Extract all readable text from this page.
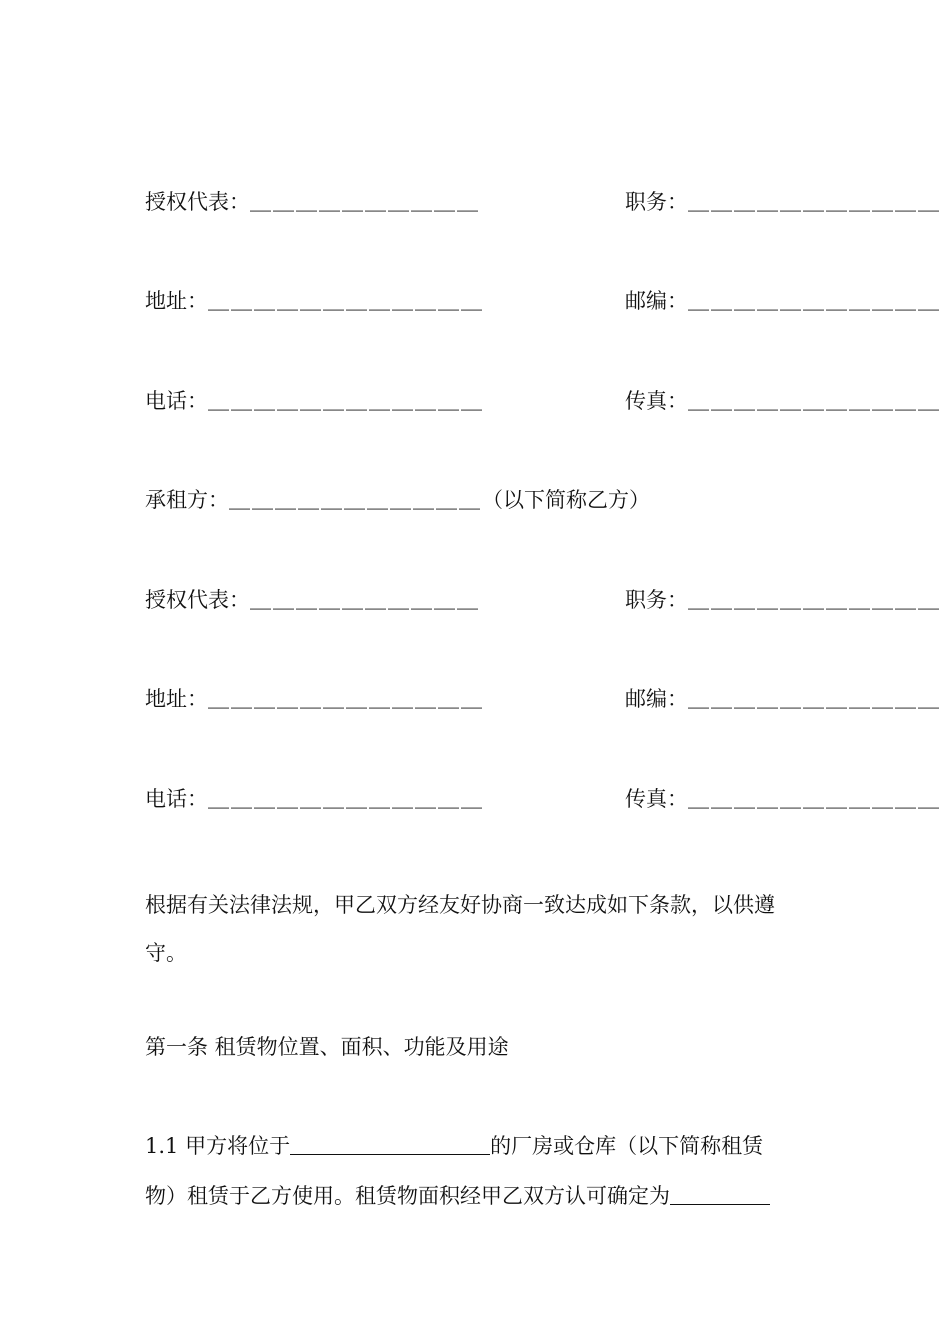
授权代表：＿＿＿＿＿＿＿＿＿＿	职务：＿＿＿＿＿＿＿＿＿＿＿
地址：＿＿＿＿＿＿＿＿＿＿＿＿	邮编：＿＿＿＿＿＿＿＿＿＿＿
电话：＿＿＿＿＿＿＿＿＿＿＿＿	传真：＿＿＿＿＿＿＿＿＿＿＿
承租方：＿＿＿＿＿＿＿＿＿＿＿（以下简称乙方）
授权代表：＿＿＿＿＿＿＿＿＿＿	职务：＿＿＿＿＿＿＿＿＿＿＿
地址：＿＿＿＿＿＿＿＿＿＿＿＿	邮编：＿＿＿＿＿＿＿＿＿＿＿
电话：＿＿＿＿＿＿＿＿＿＿＿＿	传真：＿＿＿＿＿＿＿＿＿＿＿
根据有关法律法规，甲乙双方经友好协商一致达成如下条款，以供遵守。
第一条 租赁物位置、面积、功能及用途
1.1 甲方将位于	的厂房或仓库（以下简称租赁
物）租赁于乙方使用。租赁物面积经甲乙双方认可确定为
